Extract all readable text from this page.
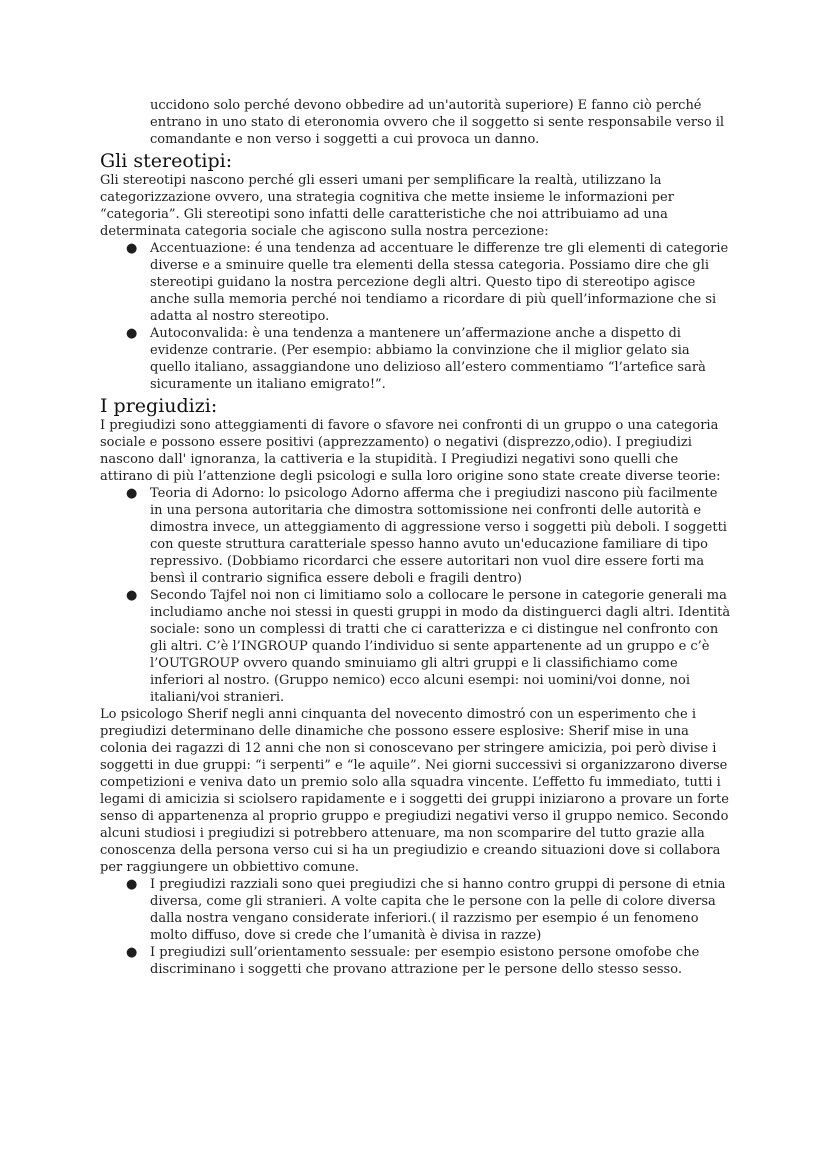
uccidono solo perché devono obbedire ad un'autorità superiore) E fanno ciò perché entrano in uno stato di eteronomia ovvero che il soggetto si sente responsabile verso il comandante e non verso i soggetti a cui provoca un danno.

Gli stereotipi:

Gli stereotipi nascono perché gli esseri umani per semplificare la realtà, utilizzano la categorizzazione ovvero, una strategia cognitiva che mette insieme le informazioni per “categoria”. Gli stereotipi sono infatti delle caratteristiche che noi attribuiamo ad una determinata categoria sociale che agiscono sulla nostra percezione:

● Accentuazione: é una tendenza ad accentuare le differenze tre gli elementi di categorie diverse e a sminuire quelle tra elementi della stessa categoria. Possiamo dire che gli stereotipi guidano la nostra percezione degli altri. Questo tipo di stereotipo agisce anche sulla memoria perché noi tendiamo a ricordare di più quell’informazione che si adatta al nostro stereotipo.

● Autoconvalida: è una tendenza a mantenere un’affermazione anche a dispetto di evidenze contrarie. (Per esempio: abbiamo la convinzione che il miglior gelato sia quello italiano, assaggiandone uno delizioso all’estero commentiamo “l’artefice sarà sicuramente un italiano emigrato!”.

I pregiudizi:

I pregiudizi sono atteggiamenti di favore o sfavore nei confronti di un gruppo o una categoria sociale e possono essere positivi (apprezzamento) o negativi (disprezzo,odio). I pregiudizi nascono dall' ignoranza, la cattiveria e la stupidità. I Pregiudizi negativi sono quelli che attirano di più l’attenzione degli psicologi e sulla loro origine sono state create diverse teorie:

● Teoria di Adorno: lo psicologo Adorno afferma che i pregiudizi nascono più facilmente in una persona autoritaria che dimostra sottomissione nei confronti delle autorità e dimostra invece, un atteggiamento di aggressione verso i soggetti più deboli. I soggetti con queste struttura caratteriale spesso hanno avuto un'educazione familiare di tipo repressivo. (Dobbiamo ricordarci che essere autoritari non vuol dire essere forti ma bensì il contrario significa essere deboli e fragili dentro)

● Secondo Tajfel noi non ci limitiamo solo a collocare le persone in categorie generali ma includiamo anche noi stessi in questi gruppi in modo da distinguerci dagli altri. Identità sociale: sono un complessi di tratti che ci caratterizza e ci distingue nel confronto con gli altri. C’è l’INGROUP quando l’individuo si sente appartenente ad un gruppo e c’è l’OUTGROUP ovvero quando sminuiamo gli altri gruppi e li classifichiamo come inferiori al nostro. (Gruppo nemico) ecco alcuni esempi: noi uomini/voi donne, noi italiani/voi stranieri.

Lo psicologo Sherif negli anni cinquanta del novecento dimostró con un esperimento che i pregiudizi determinano delle dinamiche che possono essere esplosive: Sherif mise in una colonia dei ragazzi di 12 anni che non si conoscevano per stringere amicizia, poi però divise i soggetti in due gruppi: “i serpenti” e “le aquile”. Nei giorni successivi si organizzarono diverse competizioni e veniva dato un premio solo alla squadra vincente. L’effetto fu immediato, tutti i legami di amicizia si sciolsero rapidamente e i soggetti dei gruppi iniziarono a provare un forte senso di appartenenza al proprio gruppo e pregiudizi negativi verso il gruppo nemico. Secondo alcuni studiosi i pregiudizi si potrebbero attenuare, ma non scomparire del tutto grazie alla conoscenza della persona verso cui si ha un pregiudizio e creando situazioni dove si collabora per raggiungere un obbiettivo comune.

● I pregiudizi razziali sono quei pregiudizi che si hanno contro gruppi di persone di etnia diversa, come gli stranieri. A volte capita che le persone con la pelle di colore diversa dalla nostra vengano considerate inferiori.( il razzismo per esempio é un fenomeno molto diffuso, dove si crede che l’umanità è divisa in razze)

● I pregiudizi sull’orientamento sessuale: per esempio esistono persone omofobe che discriminano i soggetti che provano attrazione per le persone dello stesso sesso.
